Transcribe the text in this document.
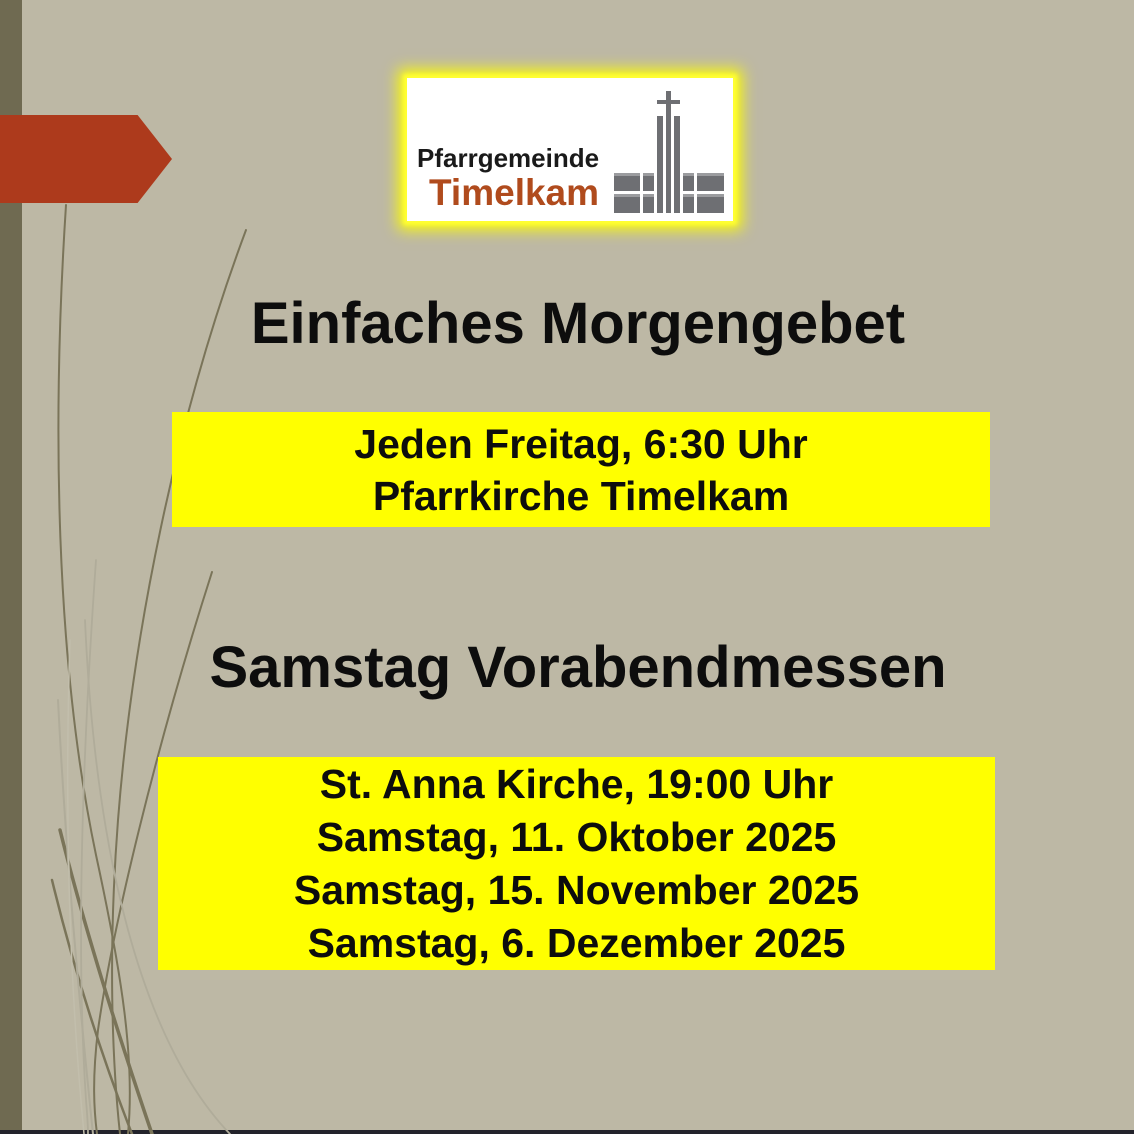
Pfarrgemeinde
Timelkam
Einfaches Morgengebet
Jeden Freitag, 6:30 Uhr
Pfarrkirche Timelkam
Samstag Vorabendmessen
St. Anna Kirche, 19:00 Uhr
Samstag, 11. Oktober 2025
Samstag, 15. November 2025
Samstag, 6. Dezember 2025
